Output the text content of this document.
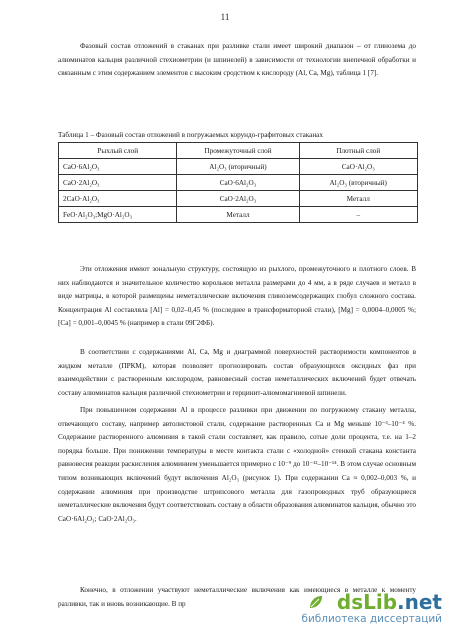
11

Фазовый состав отложений в стаканах при разливке стали имеет широкий диапазон – от глинозема до алюминатов кальция различной стехиометрии (и шпинелей) в зависимости от технологии внепечной обработки и связанным с этим содержанием элементов с высоким сродством к кислороду (Al, Ca, Mg), таблица 1 [7].

Таблица 1 – Фазовый состав отложений в погружаемых корундо-графитовых стаканах
Рыхлый слой	Промежуточный слой	Плотный слой
CaO·6Al₂O₃	Al₂O₃ (вторичный)	CaO·Al₂O₃
CaO·2Al₂O₃	CaO·6Al₂O₃	Al₂O₃ (вторичный)
2CaO·Al₂O₃	CaO·2Al₂O₃	Металл
FeO·Al₂O₃;MgO·Al₂O₃	Металл	–

Эти отложения имеют зональную структуру, состоящую из рыхлого, промежуточного и плотного слоев. В них наблюдаются и значительное количество корольков металла размерами до 4 мм, а в ряде случаев и металл в виде матрицы, в которой размещены неметаллические включения глиноземсодержащих глобул сложного состава. Концентрация Al составляла [Al] = 0,02–0,45 % (последнее в трансформаторной стали), [Mg] = 0,0004–0,0005 %; [Ca] = 0,001–0,0045 % (например в стали 09Г2ФБ).

В соответствии с содержаниями Al, Ca, Mg и диаграммой поверхностей растворимости компонентов в жидком металле (ПРКМ), которая позволяет прогнозировать состав образующихся оксидных фаз при взаимодействии с растворенным кислородом, равновесный состав неметаллических включений будет отвечать составу алюминатов кальция различной стехиометрии и герцинит-алюмомагниевой шпинели.

При повышенном содержании Al в процессе разливки при движении по погружному стакану металла, отвечающего составу, например автолистовой стали, содержание растворенных Ca и Mg меньше 10⁻³–10⁻⁴ %. Содержание растворенного алюминия в такой стали составляет, как правило, сотые доли процента, т.е. на 1–2 порядка больше. При понижении температуры в месте контакта стали с «холодной» стенкой стакана константа равновесия реакции раскисления алюминием уменьшается примерно с 10⁻⁹ до 10⁻¹²–10⁻¹⁴. В этом случае основным типом возникающих включений будут включения Al₂O₃ (рисунок 1). При содержании Ca ≈ 0,002–0,003 %, и содержании алюминия при производстве штрипсового металла для газопроводных труб образующиеся неметаллические включения будут соответствовать составу в области образования алюминатов кальция, обычно это CaO·6Al₂O₃; CaO·2Al₂O₃.

Конечно, в отложении участвуют неметаллические включения как имеющиеся в металле к моменту разливки, так и вновь возникающие. В пр	dsLib.net
библиотека диссертаций
